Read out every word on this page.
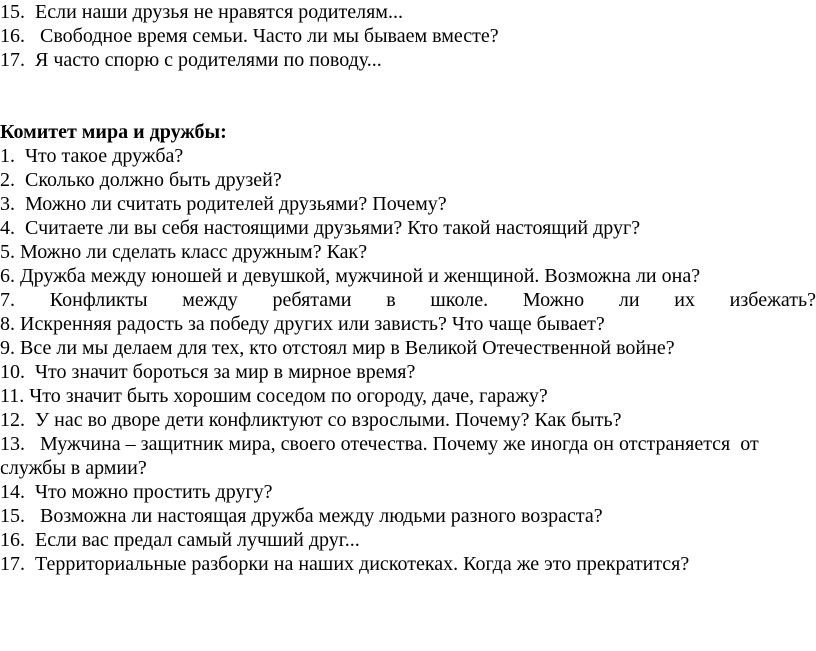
15.  Если наши друзья не нравятся родителям...
16.   Свободное время семьи. Часто ли мы бываем вместе?
17.  Я часто спорю с родителями по поводу...
Комитет мира и дружбы:
1.  Что такое дружба?
2.  Сколько должно быть друзей?
3.  Можно ли считать родителей друзьями? Почему?
4.  Считаете ли вы себя настоящими друзьями? Кто такой настоящий друг?
5. Можно ли сделать класс дружным? Как?
6. Дружба между юношей и девушкой, мужчиной и женщиной. Возможна ли она?
7. Конфликты между ребятами в школе. Можно ли их избежать?
8. Искренняя радость за победу других или зависть? Что чаще бывает?
9. Все ли мы делаем для тех, кто отстоял мир в Великой Отечественной войне?
10.  Что значит бороться за мир в мирное время?
11. Что значит быть хорошим соседом по огороду, даче, гаражу?
12.  У нас во дворе дети конфликтуют со взрослыми. Почему? Как быть?
13.   Мужчина – защитник мира, своего отечества. Почему же иногда он отстраняется  от
службы в армии?
14.  Что можно простить другу?
15.   Возможна ли настоящая дружба между людьми разного возраста?
16.  Если вас предал самый лучший друг...
17.  Территориальные разборки на наших дискотеках. Когда же это прекратится?
